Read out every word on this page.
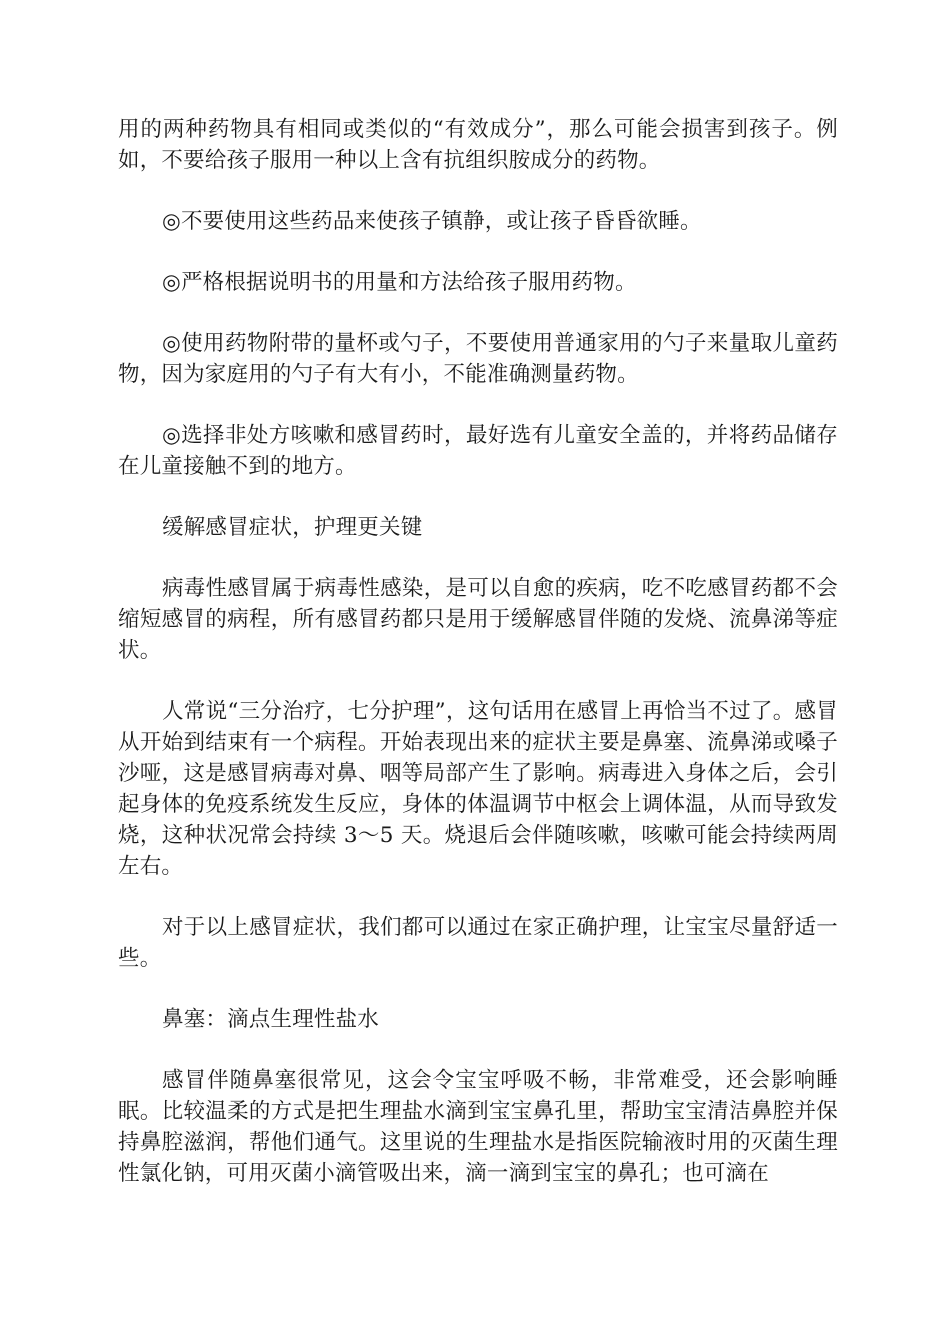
用的两种药物具有相同或类似的“有效成分”，那么可能会损害到孩子。例如，不要给孩子服用一种以上含有抗组织胺成分的药物。

◎不要使用这些药品来使孩子镇静，或让孩子昏昏欲睡。

◎严格根据说明书的用量和方法给孩子服用药物。

◎使用药物附带的量杯或勺子，不要使用普通家用的勺子来量取儿童药物，因为家庭用的勺子有大有小，不能准确测量药物。

◎选择非处方咳嗽和感冒药时，最好选有儿童安全盖的，并将药品储存在儿童接触不到的地方。

缓解感冒症状，护理更关键

病毒性感冒属于病毒性感染，是可以自愈的疾病，吃不吃感冒药都不会缩短感冒的病程，所有感冒药都只是用于缓解感冒伴随的发烧、流鼻涕等症状。

人常说“三分治疗，七分护理”，这句话用在感冒上再恰当不过了。感冒从开始到结束有一个病程。开始表现出来的症状主要是鼻塞、流鼻涕或嗓子沙哑，这是感冒病毒对鼻、咽等局部产生了影响。病毒进入身体之后，会引起身体的免疫系统发生反应，身体的体温调节中枢会上调体温，从而导致发烧，这种状况常会持续 3～5 天。烧退后会伴随咳嗽，咳嗽可能会持续两周左右。

对于以上感冒症状，我们都可以通过在家正确护理，让宝宝尽量舒适一些。

鼻塞：滴点生理性盐水

感冒伴随鼻塞很常见，这会令宝宝呼吸不畅，非常难受，还会影响睡眠。比较温柔的方式是把生理盐水滴到宝宝鼻孔里，帮助宝宝清洁鼻腔并保持鼻腔滋润，帮他们通气。这里说的生理盐水是指医院输液时用的灭菌生理性氯化钠，可用灭菌小滴管吸出来，滴一滴到宝宝的鼻孔；也可滴在
